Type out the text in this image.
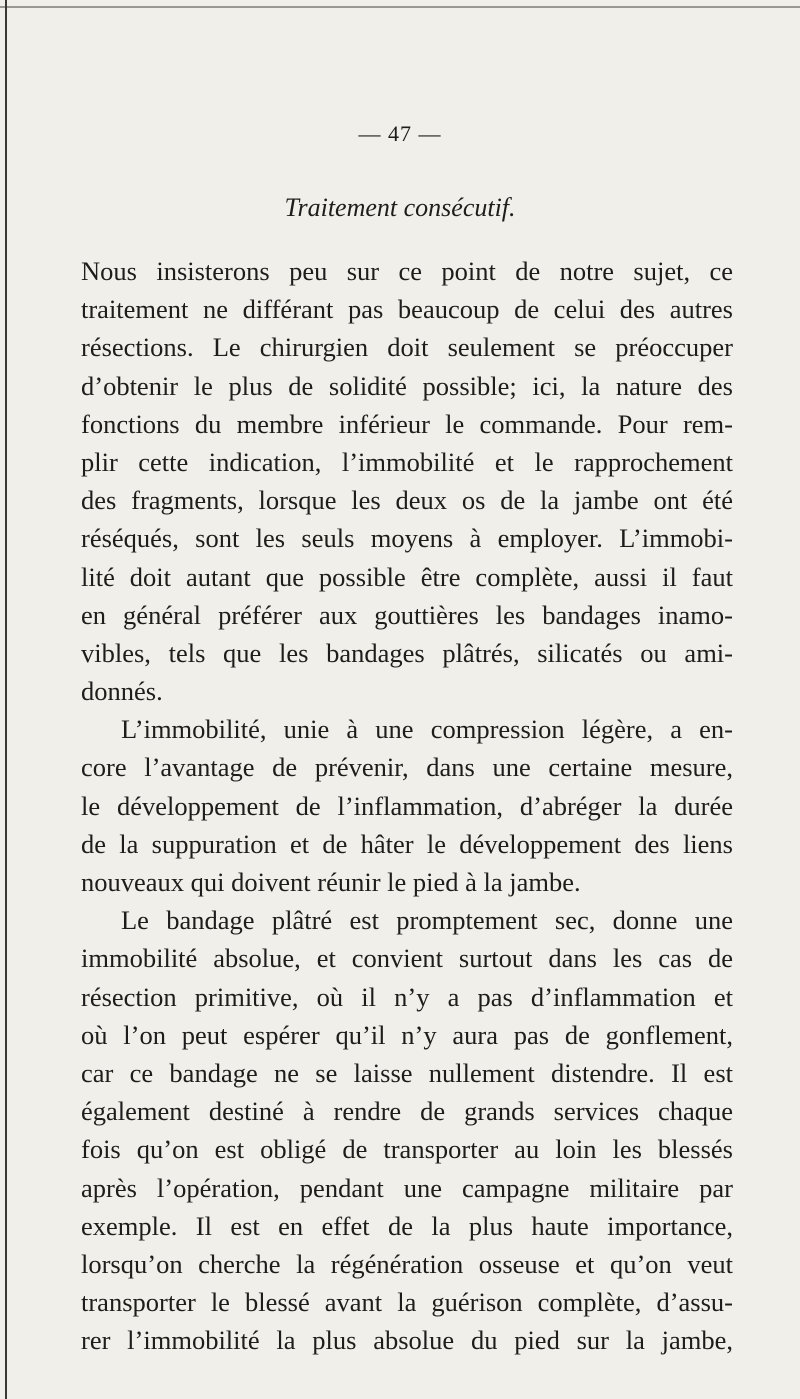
— 47 —
Traitement consécutif.
Nous insisterons peu sur ce point de notre sujet, ce
traitement ne différant pas beaucoup de celui des autres
résections. Le chirurgien doit seulement se préoccuper
d’obtenir le plus de solidité possible; ici, la nature des
fonctions du membre inférieur le commande. Pour rem-
plir cette indication, l’immobilité et le rapprochement
des fragments, lorsque les deux os de la jambe ont été
réséqués, sont les seuls moyens à employer. L’immobi-
lité doit autant que possible être complète, aussi il faut
en général préférer aux gouttières les bandages inamo-
vibles, tels que les bandages plâtrés, silicatés ou ami-
donnés.
L’immobilité, unie à une compression légère, a en-
core l’avantage de prévenir, dans une certaine mesure,
le développement de l’inflammation, d’abréger la durée
de la suppuration et de hâter le développement des liens
nouveaux qui doivent réunir le pied à la jambe.
Le bandage plâtré est promptement sec, donne une
immobilité absolue, et convient surtout dans les cas de
résection primitive, où il n’y a pas d’inflammation et
où l’on peut espérer qu’il n’y aura pas de gonflement,
car ce bandage ne se laisse nullement distendre. Il est
également destiné à rendre de grands services chaque
fois qu’on est obligé de transporter au loin les blessés
après l’opération, pendant une campagne militaire par
exemple. Il est en effet de la plus haute importance,
lorsqu’on cherche la régénération osseuse et qu’on veut
transporter le blessé avant la guérison complète, d’assu-
rer l’immobilité la plus absolue du pied sur la jambe,
